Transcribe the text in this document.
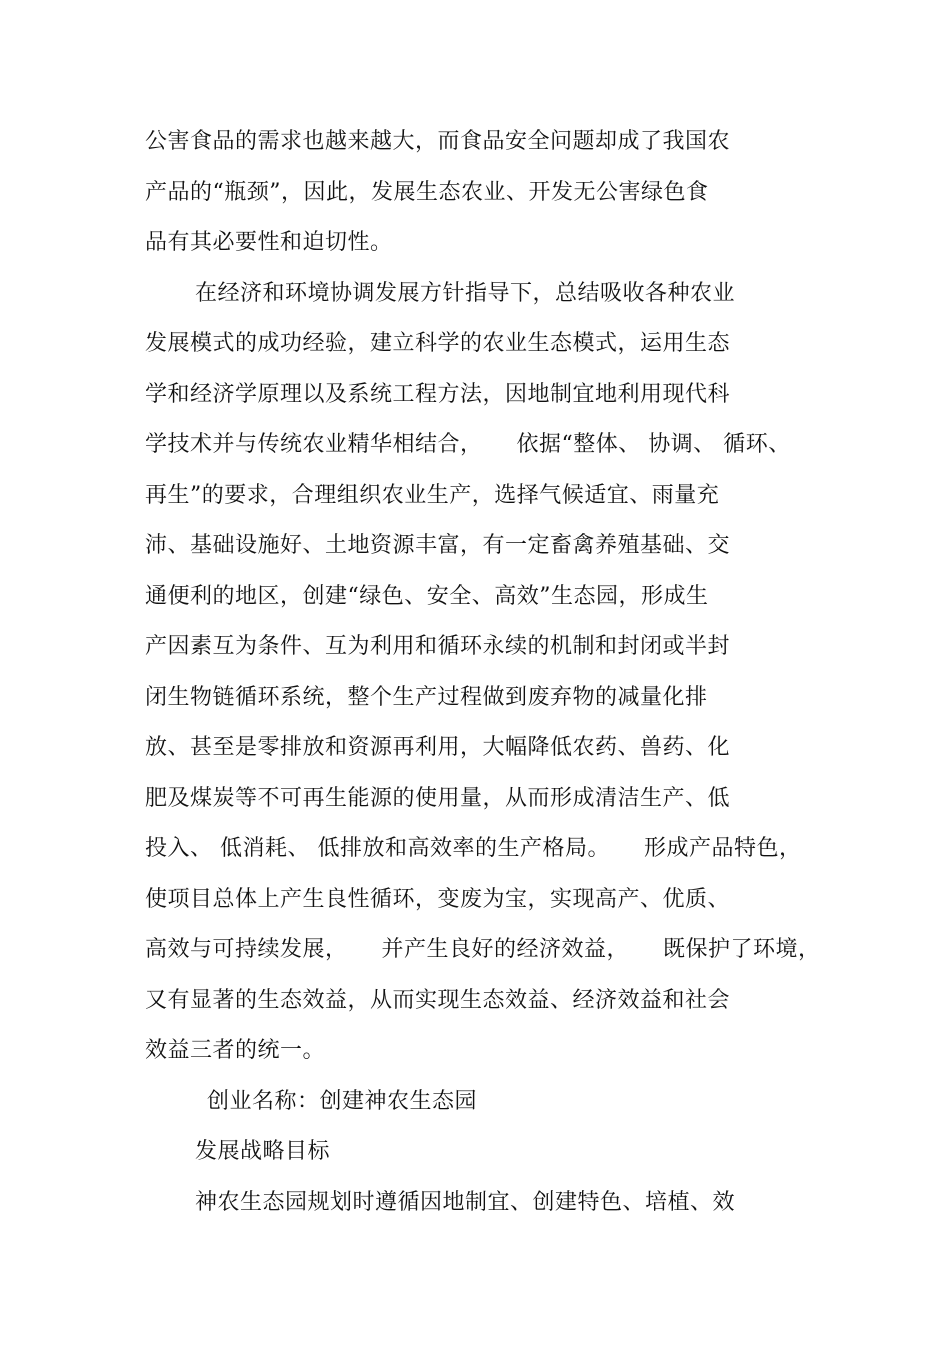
公害食品的需求也越来越大，而食品安全问题却成了我国农
产品的“瓶颈”，因此，发展生态农业、开发无公害绿色食
品有其必要性和迫切性。
在经济和环境协调发展方针指导下，总结吸收各种农业
发展模式的成功经验，建立科学的农业生态模式，运用生态
学和经济学原理以及系统工程方法，因地制宜地利用现代科
学技术并与传统农业精华相结合，　　依据“整体、 协调、 循环、
再生”的要求，合理组织农业生产，选择气候适宜、雨量充
沛、基础设施好、土地资源丰富，有一定畜禽养殖基础、交
通便利的地区，创建“绿色、安全、高效”生态园，形成生
产因素互为条件、互为利用和循环永续的机制和封闭或半封
闭生物链循环系统，整个生产过程做到废弃物的减量化排
放、甚至是零排放和资源再利用，大幅降低农药、兽药、化
肥及煤炭等不可再生能源的使用量，从而形成清洁生产、低
投入、 低消耗、 低排放和高效率的生产格局。　　形成产品特色，
使项目总体上产生良性循环，变废为宝，实现高产、优质、
高效与可持续发展，　　并产生良好的经济效益，　　既保护了环境，
又有显著的生态效益，从而实现生态效益、经济效益和社会
效益三者的统一。
创业名称：创建神农生态园
发展战略目标
神农生态园规划时遵循因地制宜、创建特色、培植、效
